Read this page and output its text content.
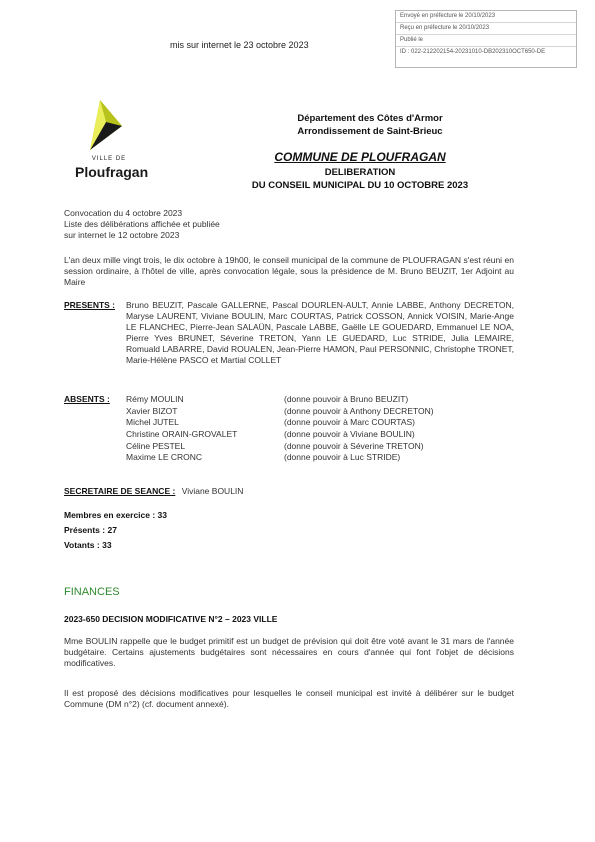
Envoyé en préfecture le 20/10/2023
Reçu en préfecture le 20/10/2023
Publié le
ID : 022-212202154-20231010-DB202310OCT650-DE
mis sur internet le 23 octobre 2023
VILLE DE
Ploufragan
Département des Côtes d'Armor
Arrondissement de Saint-Brieuc
COMMUNE DE PLOUFRAGAN
DELIBERATION
DU CONSEIL MUNICIPAL DU 10 OCTOBRE 2023
Convocation du 4 octobre 2023
Liste des délibérations affichée et publiée
sur internet le 12 octobre 2023
L'an deux mille vingt trois, le dix octobre à 19h00, le conseil municipal de la commune de PLOUFRAGAN s'est réuni en session ordinaire, à l'hôtel de ville, après convocation légale, sous la présidence de M. Bruno BEUZIT, 1er Adjoint au Maire
PRESENTS : Bruno BEUZIT, Pascale GALLERNE, Pascal DOURLEN-AULT, Annie LABBE, Anthony DECRETON, Maryse LAURENT, Viviane BOULIN, Marc COURTAS, Patrick COSSON, Annick VOISIN, Marie-Ange LE FLANCHEC, Pierre-Jean SALAÜN, Pascale LABBE, Gaëlle LE GOUEDARD, Emmanuel LE NOA, Pierre Yves BRUNET, Séverine TRETON, Yann LE GUEDARD, Luc STRIDE, Julia LEMAIRE, Romuald LABARRE, David ROUALEN, Jean-Pierre HAMON, Paul PERSONNIC, Christophe TRONET, Marie-Hélène PASCO et Martial COLLET
ABSENTS : Rémy MOULIN	(donne pouvoir à Bruno BEUZIT)
Xavier BIZOT	(donne pouvoir à Anthony DECRETON)
Michel JUTEL	(donne pouvoir à Marc COURTAS)
Christine ORAIN-GROVALET	(donne pouvoir à Viviane BOULIN)
Céline PESTEL	(donne pouvoir à Séverine TRETON)
Maxime LE CRONC	(donne pouvoir à Luc STRIDE)
SECRETAIRE DE SEANCE : Viviane BOULIN
Membres en exercice : 33
Présents : 27
Votants : 33
FINANCES
2023-650 DECISION MODIFICATIVE N°2 – 2023 VILLE
Mme BOULIN rappelle que le budget primitif est un budget de prévision qui doit être voté avant le 31 mars de l'année budgétaire. Certains ajustements budgétaires sont nécessaires en cours d'année qui font l'objet de décisions modificatives.
Il est proposé des décisions modificatives pour lesquelles le conseil municipal est invité à délibérer sur le budget Commune (DM n°2) (cf. document annexé).
